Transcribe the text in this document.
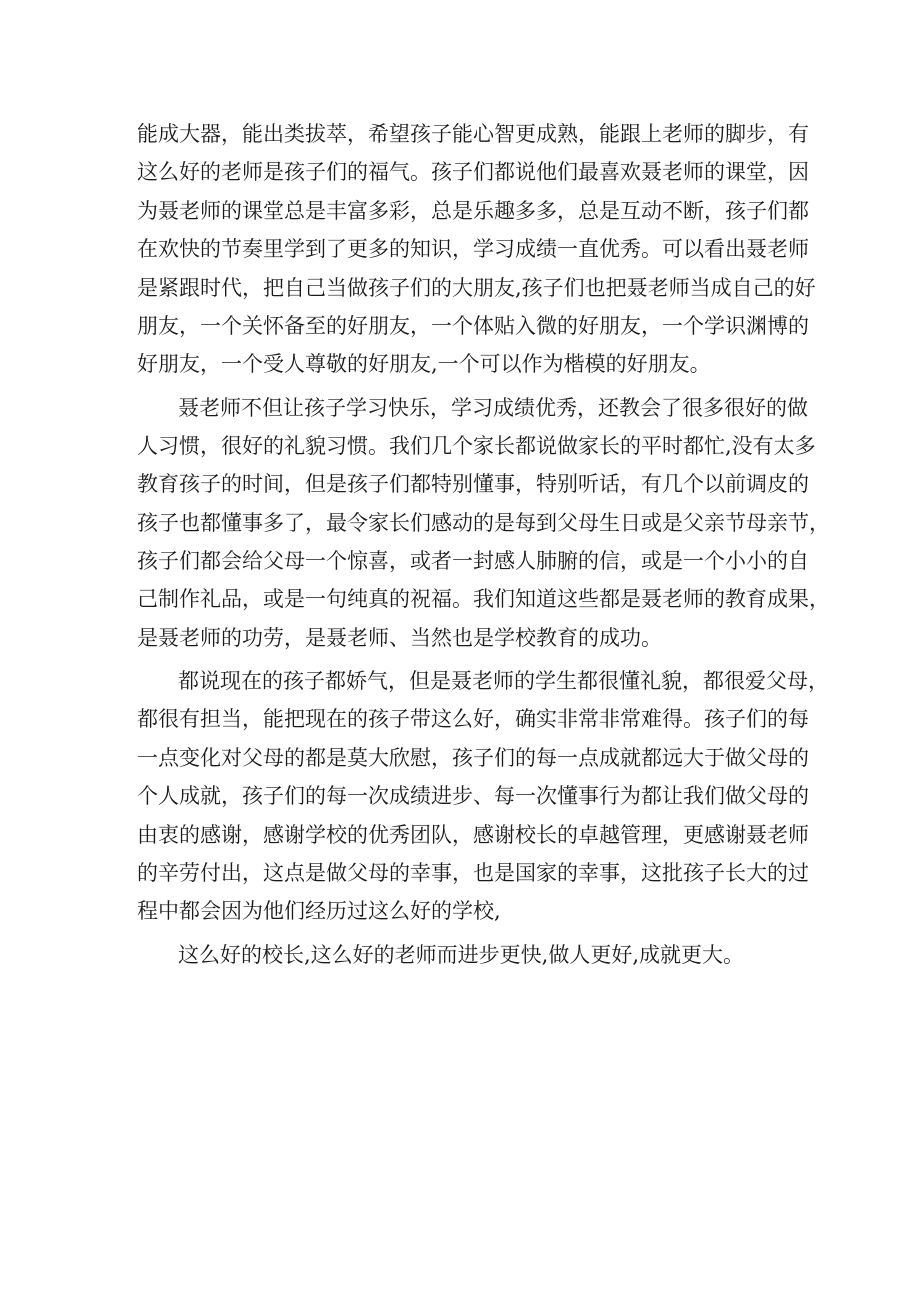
能成大器，能出类拔萃，希望孩子能心智更成熟，能跟上老师的脚步，有
这么好的老师是孩子们的福气。孩子们都说他们最喜欢聂老师的课堂，因
为聂老师的课堂总是丰富多彩，总是乐趣多多，总是互动不断，孩子们都
在欢快的节奏里学到了更多的知识，学习成绩一直优秀。可以看出聂老师
是紧跟时代，把自己当做孩子们的大朋友,孩子们也把聂老师当成自己的好
朋友，一个关怀备至的好朋友，一个体贴入微的好朋友，一个学识渊博的
好朋友，一个受人尊敬的好朋友,一个可以作为楷模的好朋友。
聂老师不但让孩子学习快乐，学习成绩优秀，还教会了很多很好的做
人习惯，很好的礼貌习惯。我们几个家长都说做家长的平时都忙,没有太多
教育孩子的时间，但是孩子们都特别懂事，特别听话，有几个以前调皮的
孩子也都懂事多了，最令家长们感动的是每到父母生日或是父亲节母亲节，
孩子们都会给父母一个惊喜，或者一封感人肺腑的信，或是一个小小的自
己制作礼品，或是一句纯真的祝福。我们知道这些都是聂老师的教育成果，
是聂老师的功劳，是聂老师、当然也是学校教育的成功。
都说现在的孩子都娇气，但是聂老师的学生都很懂礼貌，都很爱父母，
都很有担当，能把现在的孩子带这么好，确实非常非常难得。孩子们的每
一点变化对父母的都是莫大欣慰，孩子们的每一点成就都远大于做父母的
个人成就，孩子们的每一次成绩进步、每一次懂事行为都让我们做父母的
由衷的感谢，感谢学校的优秀团队，感谢校长的卓越管理，更感谢聂老师
的辛劳付出，这点是做父母的幸事，也是国家的幸事，这批孩子长大的过
程中都会因为他们经历过这么好的学校,
这么好的校长,这么好的老师而进步更快,做人更好,成就更大。
